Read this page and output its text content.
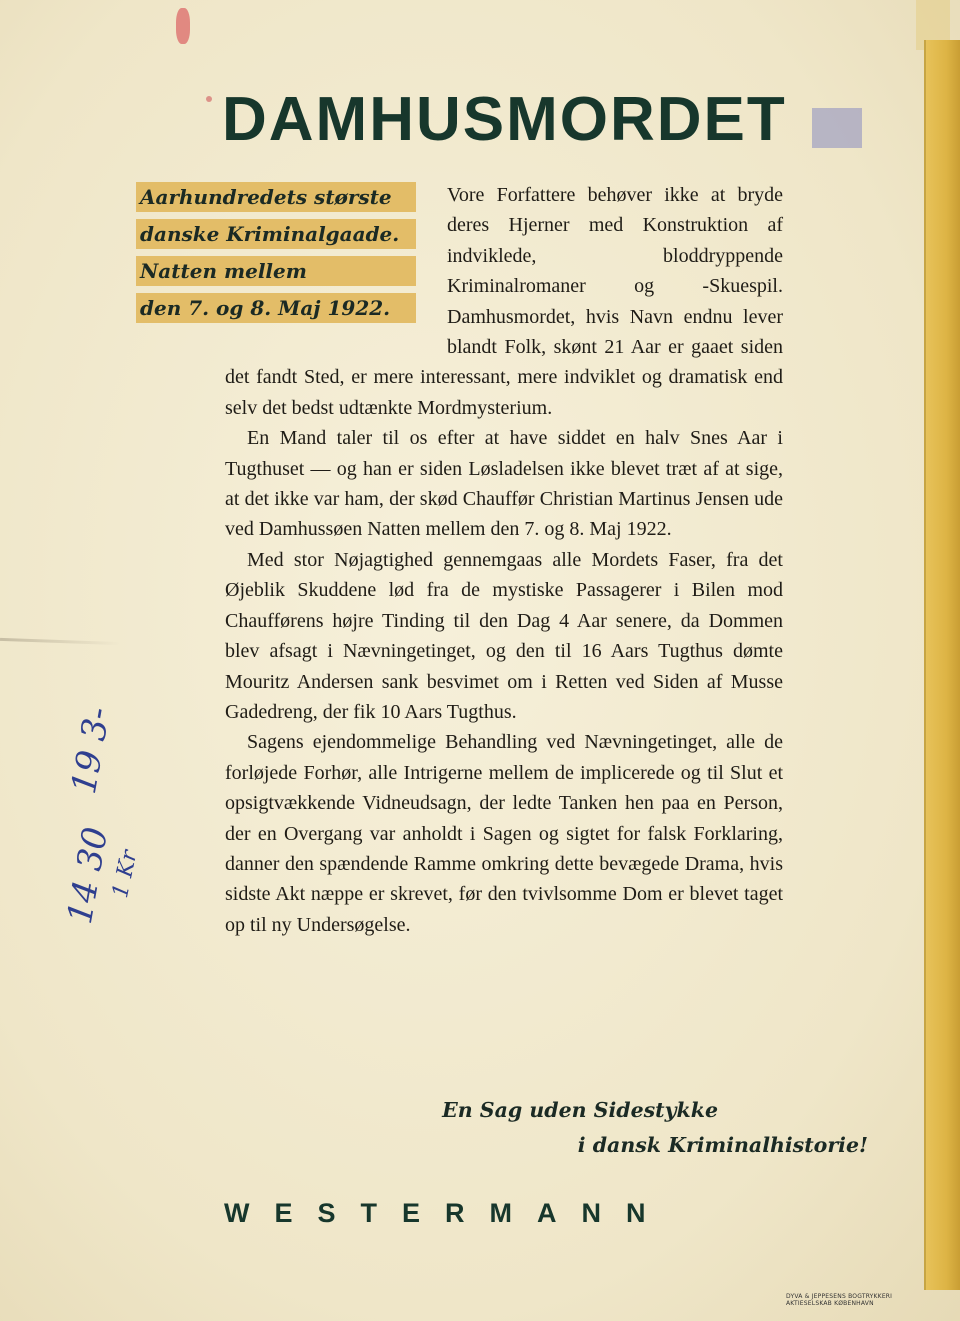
DAMHUSMORDET
Aarhundredets største
danske Kriminalgaade.
Natten mellem
den 7. og 8. Maj 1922.

Vore Forfattere behøver ikke at bryde deres Hjerner med Konstruktion af indviklede, bloddryppende Kriminalromaner og -Skuespil. Damhusmordet, hvis Navn endnu lever blandt Folk, skønt 21 Aar er gaaet siden det fandt Sted, er mere interessant, mere indviklet og dramatisk end selv det bedst udtænkte Mordmysterium.

En Mand taler til os efter at have siddet en halv Snes Aar i Tugthuset — og han er siden Løsladelsen ikke blevet træt af at sige, at det ikke var ham, der skød Chauffør Christian Martinus Jensen ude ved Damhussøen Natten mellem den 7. og 8. Maj 1922.

Med stor Nøjagtighed gennemgaas alle Mordets Faser, fra det Øjeblik Skuddene lød fra de mystiske Passagerer i Bilen mod Chaufførens højre Tinding til den Dag 4 Aar senere, da Dommen blev afsagt i Nævningetinget, og den til 16 Aars Tugthus dømte Mouritz Andersen sank besvimet om i Retten ved Siden af Musse Gadedreng, der fik 10 Aars Tugthus.

Sagens ejendommelige Behandling ved Nævningetinget, alle de forløjede Forhør, alle Intrigerne mellem de implicerede og til Slut et opsigtvækkende Vidneudsagn, der ledte Tanken hen paa en Person, der en Overgang var anholdt i Sagen og sigtet for falsk Forklaring, danner den spændende Ramme omkring dette bevægede Drama, hvis sidste Akt næppe er skrevet, før den tvivlsomme Dom er blevet taget op til ny Undersøgelse.

En Sag uden Sidestykke
i dansk Kriminalhistorie!
WESTERMANN
DYVA & JEPPESENS BOGTRYKKERI
AKTIESELSKAB KØBENHAVN
19 3-
14 30
1 Kr
